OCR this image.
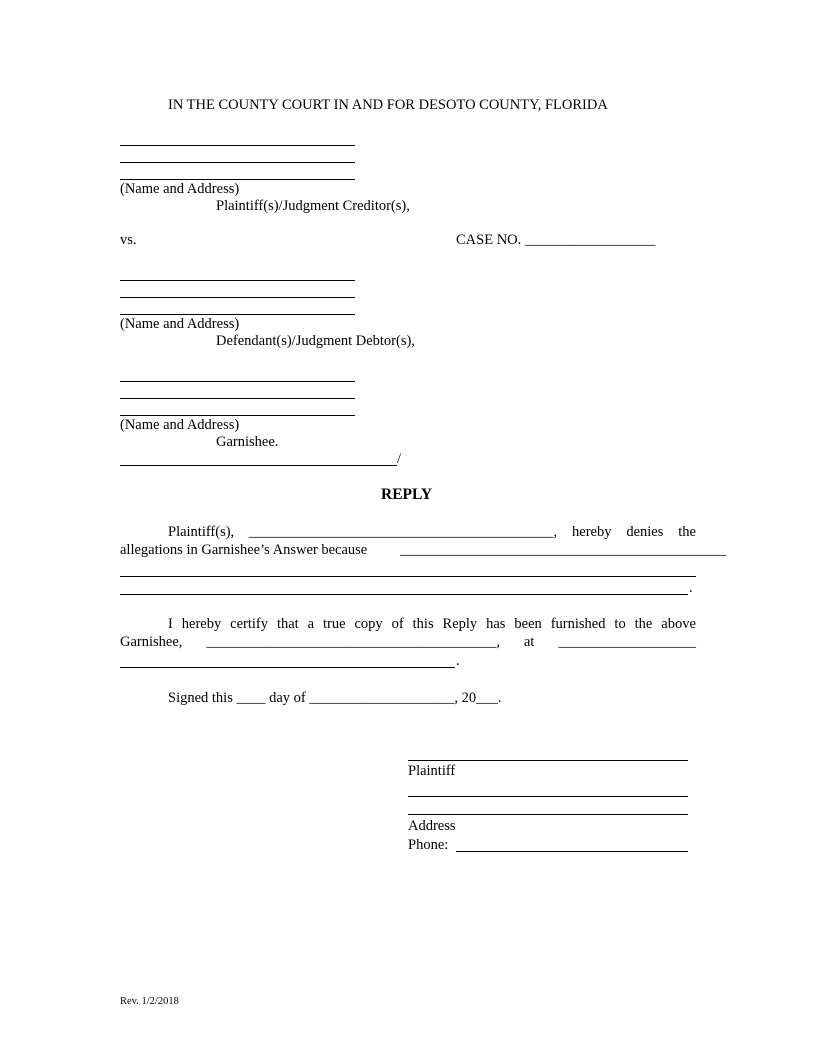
IN THE COUNTY COURT IN AND FOR DESOTO COUNTY, FLORIDA
(Name and Address)
Plaintiff(s)/Judgment Creditor(s),
vs.	CASE NO. __________________
(Name and Address)
Defendant(s)/Judgment Debtor(s),
(Name and Address)
Garnishee.
/
REPLY
Plaintiff(s), __________________________________________, hereby denies the
allegations in Garnishee’s Answer because _____________________________________________
.
I hereby certify that a true copy of this Reply has been furnished to the above
Garnishee, ________________________________________, at ___________________
.
Signed this ____ day of ____________________, 20___.
Plaintiff
Address
Phone:
Rev. 1/2/2018
